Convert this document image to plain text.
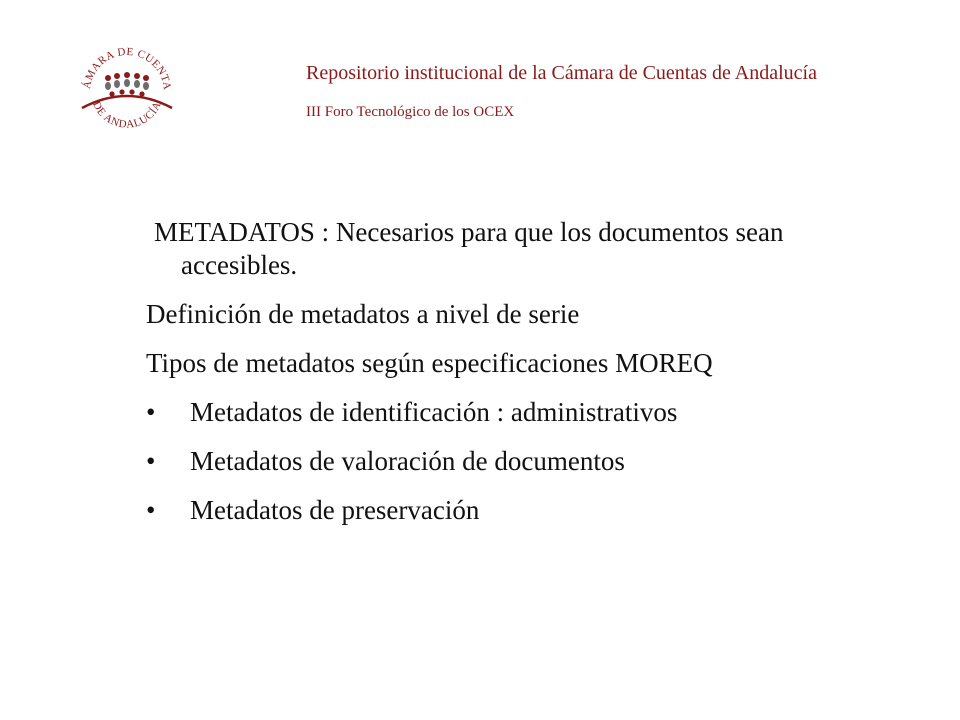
ÁMARA DE CUENTA
DE ANDALUCÍA
Repositorio institucional de la Cámara de Cuentas de Andalucía
III Foro Tecnológico de los OCEX

METADATOS : Necesarios para que los documentos sean accesibles.

Definición de metadatos a nivel de serie

Tipos de metadatos según especificaciones MOREQ

•	Metadatos de identificación : administrativos
•	Metadatos de valoración de documentos
•	Metadatos de preservación
